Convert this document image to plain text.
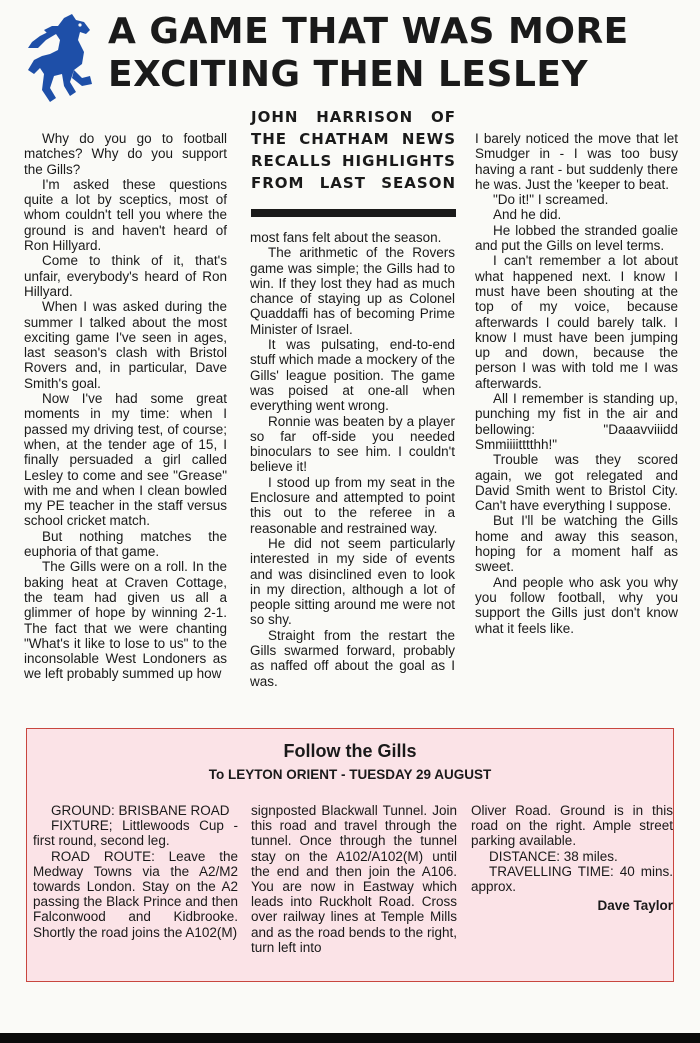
A GAME THAT WAS MORE
EXCITING THEN LESLEY

Why do you go to football matches? Why do you support the Gills?

I'm asked these questions quite a lot by sceptics, most of whom couldn't tell you where the ground is and haven't heard of Ron Hillyard.

Come to think of it, that's unfair, everybody's heard of Ron Hillyard.

When I was asked during the summer I talked about the most exciting game I've seen in ages, last season's clash with Bristol Rovers and, in particular, Dave Smith's goal.

Now I've had some great moments in my time: when I passed my driving test, of course; when, at the tender age of 15, I finally persuaded a girl called Lesley to come and see "Grease" with me and when I clean bowled my PE teacher in the staff versus school cricket match.

But nothing matches the euphoria of that game.

The Gills were on a roll. In the baking heat at Craven Cottage, the team had given us all a glimmer of hope by winning 2-1. The fact that we were chanting "What's it like to lose to us" to the inconsolable West Londoners as we left probably summed up how

JOHN HARRISON OF
THE CHATHAM NEWS
RECALLS HIGHLIGHTS
FROM LAST SEASON

most fans felt about the season.

The arithmetic of the Rovers game was simple; the Gills had to win. If they lost they had as much chance of staying up as Colonel Quaddaffi has of becoming Prime Minister of Israel.

It was pulsating, end-to-end stuff which made a mockery of the Gills' league position. The game was poised at one-all when everything went wrong.

Ronnie was beaten by a player so far off-side you needed binoculars to see him. I couldn't believe it!

I stood up from my seat in the Enclosure and attempted to point this out to the referee in a reasonable and restrained way.

He did not seem particularly interested in my side of events and was disinclined even to look in my direction, although a lot of people sitting around me were not so shy.

Straight from the restart the Gills swarmed forward, probably as naffed off about the goal as I was.

I barely noticed the move that let Smudger in - I was too busy having a rant - but suddenly there he was. Just the 'keeper to beat.

"Do it!" I screamed.

And he did.

He lobbed the stranded goalie and put the Gills on level terms.

I can't remember a lot about what happened next. I know I must have been shouting at the top of my voice, because afterwards I could barely talk. I know I must have been jumping up and down, because the person I was with told me I was afterwards.

All I remember is standing up, punching my fist in the air and bellowing: "Daaavviiidd Smmiiiitttthh!"

Trouble was they scored again, we got relegated and David Smith went to Bristol City. Can't have everything I suppose.

But I'll be watching the Gills home and away this season, hoping for a moment half as sweet.

And people who ask you why you follow football, why you support the Gills just don't know what it feels like.

Follow the Gills
To LEYTON ORIENT - TUESDAY 29 AUGUST

GROUND: BRISBANE ROAD

FIXTURE; Littlewoods Cup - first round, second leg.

ROAD ROUTE: Leave the Medway Towns via the A2/M2 towards London. Stay on the A2 passing the Black Prince and then Falconwood and Kidbrooke. Shortly the road joins the A102(M)

signposted Blackwall Tunnel. Join this road and travel through the tunnel. Once through the tunnel stay on the A102/A102(M) until the end and then join the A106. You are now in Eastway which leads into Ruckholt Road. Cross over railway lines at Temple Mills and as the road bends to the right, turn left into

Oliver Road. Ground is in this road on the right. Ample street parking available.

DISTANCE: 38 miles.

TRAVELLING TIME: 40 mins. approx.

Dave Taylor
